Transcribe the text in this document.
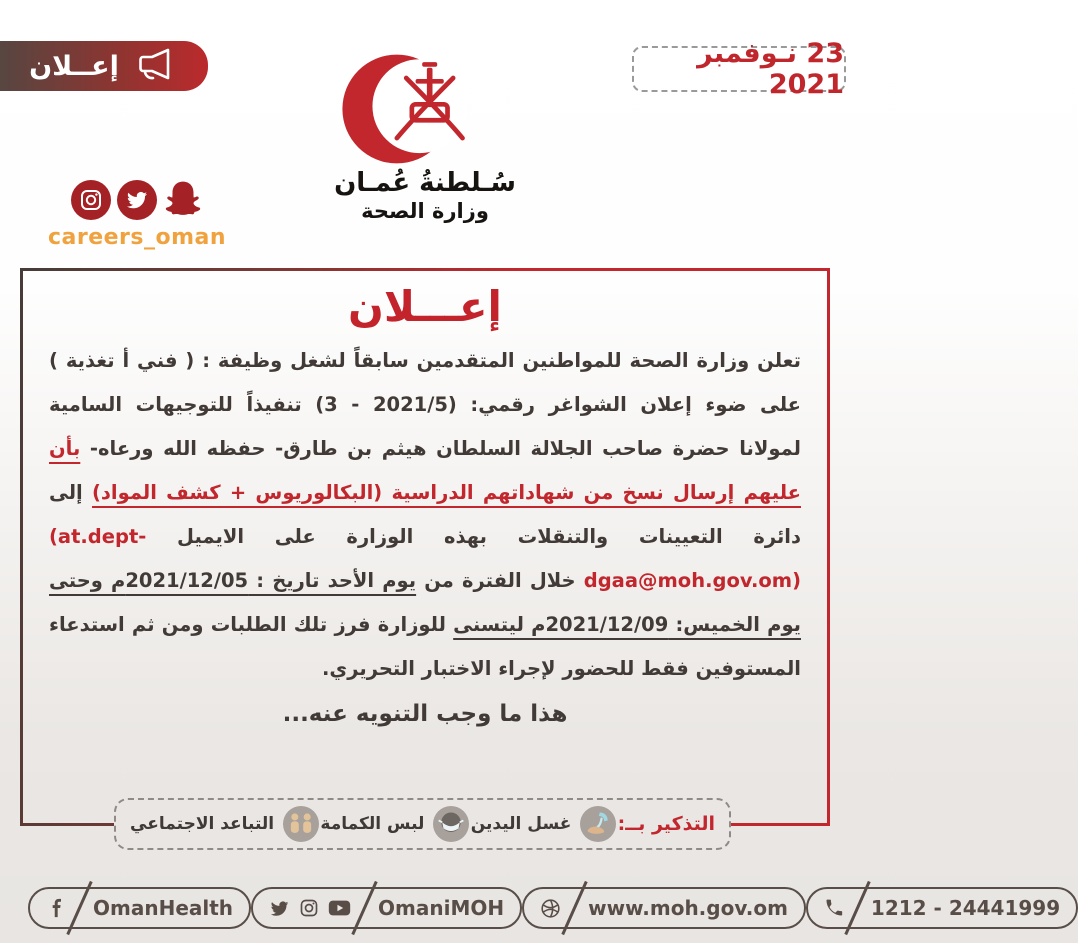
إعــلان	23 نـوفمبر 2021
سُـلطنةُ عُمـان
وزارة الصحة
careers_oman
إعـــلان

تعلن وزارة الصحة للمواطنين المتقدمين سابقاً لشغل وظيفة : ( فني أ تغذية ) على ضوء إعلان الشواغر رقمي: (3 - 2021/5) تنفيذاً للتوجيهات السامية لمولانا حضرة صاحب الجلالة السلطان هيثم بن طارق- حفظه الله ورعاه- بأن عليهم إرسال نسخ من شهاداتهم الدراسية (البكالوريوس + كشف المواد) إلى دائرة التعيينات والتنقلات بهذه الوزارة على الايميل (at.dept-dgaa@moh.gov.om) خلال الفترة من يوم الأحد تاريخ : 2021/12/05م وحتى يوم الخميس: 2021/12/09م ليتسنى للوزارة فرز تلك الطلبات ومن ثم استدعاء المستوفين فقط للحضور لإجراء الاختبار التحريري.

هذا ما وجب التنويه عنه...
التذكير بــ:
غسل اليدين
لبس الكمامة
التباعد الاجتماعي
OmanHealth	OmaniMOH	www.moh.gov.om	1212 - 24441999
